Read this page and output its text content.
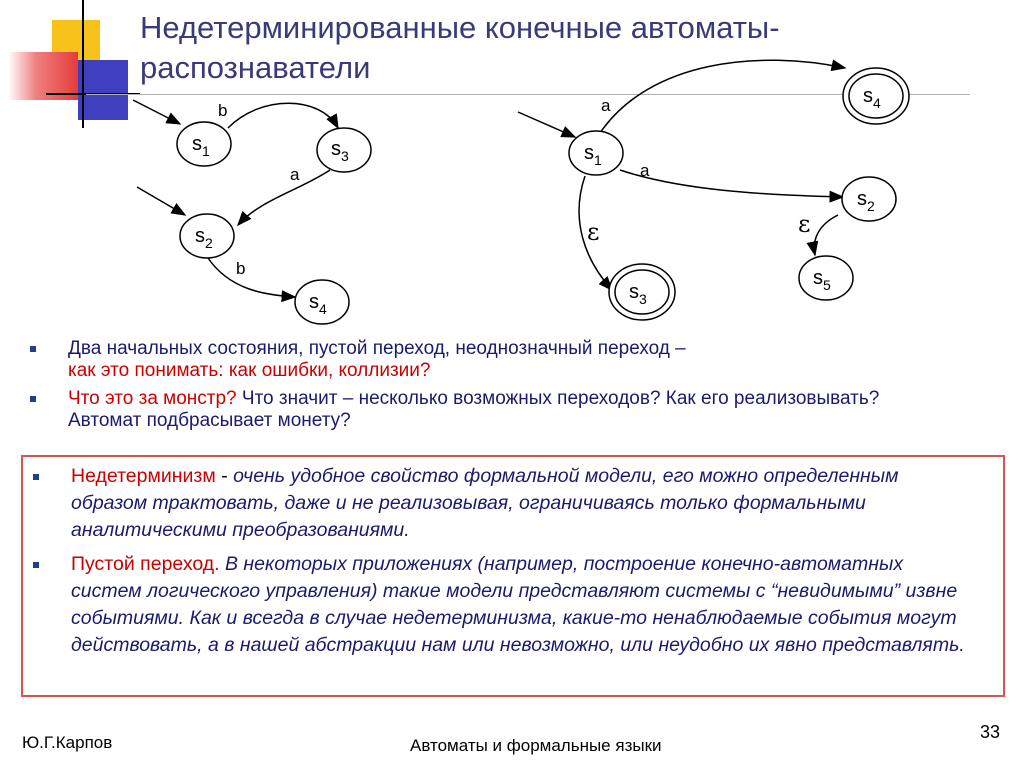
Недетерминированные конечные автоматы-
распознаватели
$s_1$	$s_3$
$s_2$
$s_4$
$s_1$
$s_4$
$s_2$
$s_3$
$s_5$
b
a
b
a
a
ε	ε
Два начальных состояния, пустой переход, неоднозначный переход –
как это понимать: как ошибки, коллизии?
Что это за монстр? Что значит – несколько возможных переходов? Как его реализовывать? Автомат подбрасывает монету?
Недетерминизм - очень удобное свойство формальной модели, его можно определенным образом трактовать, даже и не реализовывая, ограничиваясь только формальными аналитическими преобразованиями.
Пустой переход. В некоторых приложениях (например, построение конечно-автоматных систем логического управления) такие модели представляют системы с “невидимыми” извне событиями. Как и всегда в случае недетерминизма, какие-то ненаблюдаемые события могут действовать, а в нашей абстракции нам или невозможно, или неудобно их явно представлять.
Ю.Г.Карпов	Автоматы и формальные языки
33
